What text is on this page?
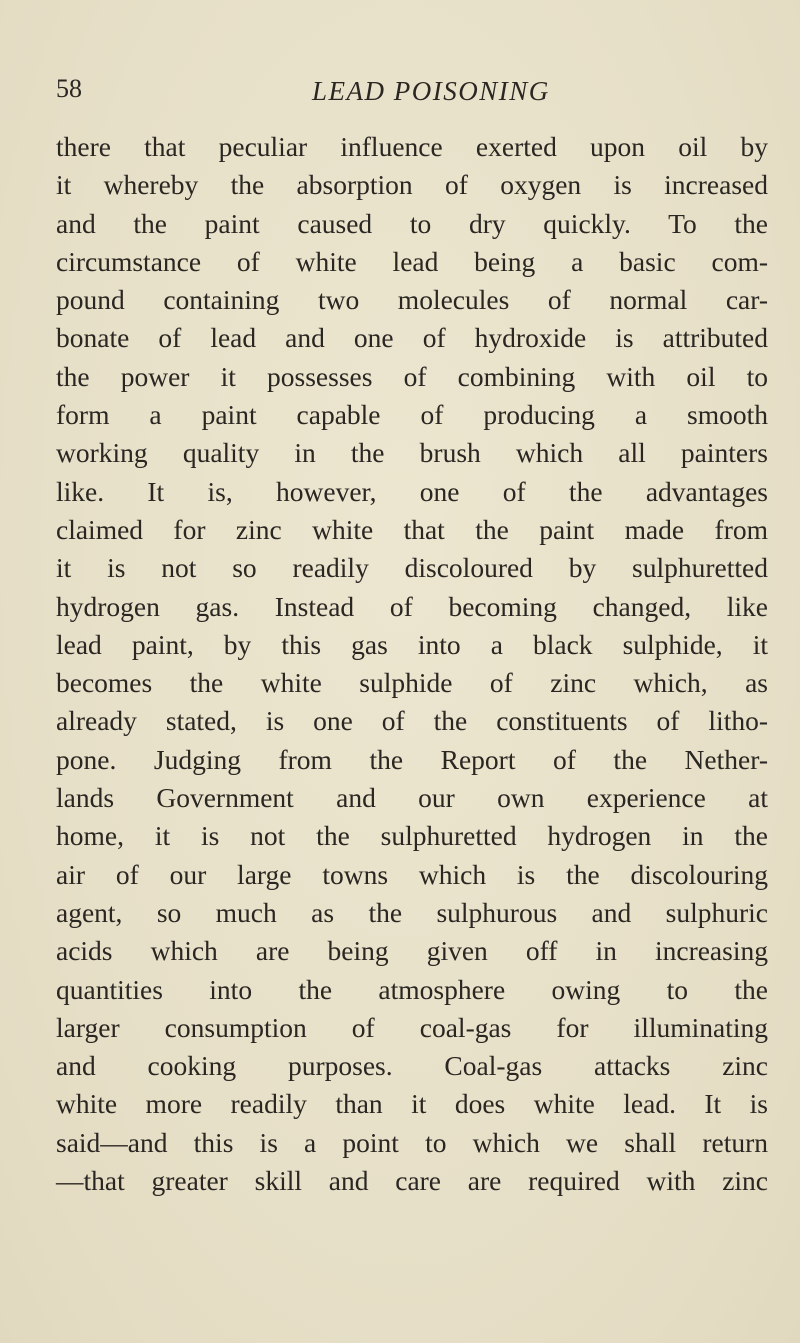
58	LEAD POISONING
there that peculiar influence exerted upon oil by
it whereby the absorption of oxygen is increased
and the paint caused to dry quickly. To the
circumstance of white lead being a basic com-
pound containing two molecules of normal car-
bonate of lead and one of hydroxide is attributed
the power it possesses of combining with oil to
form a paint capable of producing a smooth
working quality in the brush which all painters
like. It is, however, one of the advantages
claimed for zinc white that the paint made from
it is not so readily discoloured by sulphuretted
hydrogen gas. Instead of becoming changed, like
lead paint, by this gas into a black sulphide, it
becomes the white sulphide of zinc which, as
already stated, is one of the constituents of litho-
pone. Judging from the Report of the Nether-
lands Government and our own experience at
home, it is not the sulphuretted hydrogen in the
air of our large towns which is the discolouring
agent, so much as the sulphurous and sulphuric
acids which are being given off in increasing
quantities into the atmosphere owing to the
larger consumption of coal-gas for illuminating
and cooking purposes. Coal-gas attacks zinc
white more readily than it does white lead. It is
said—and this is a point to which we shall return
—that greater skill and care are required with zinc
